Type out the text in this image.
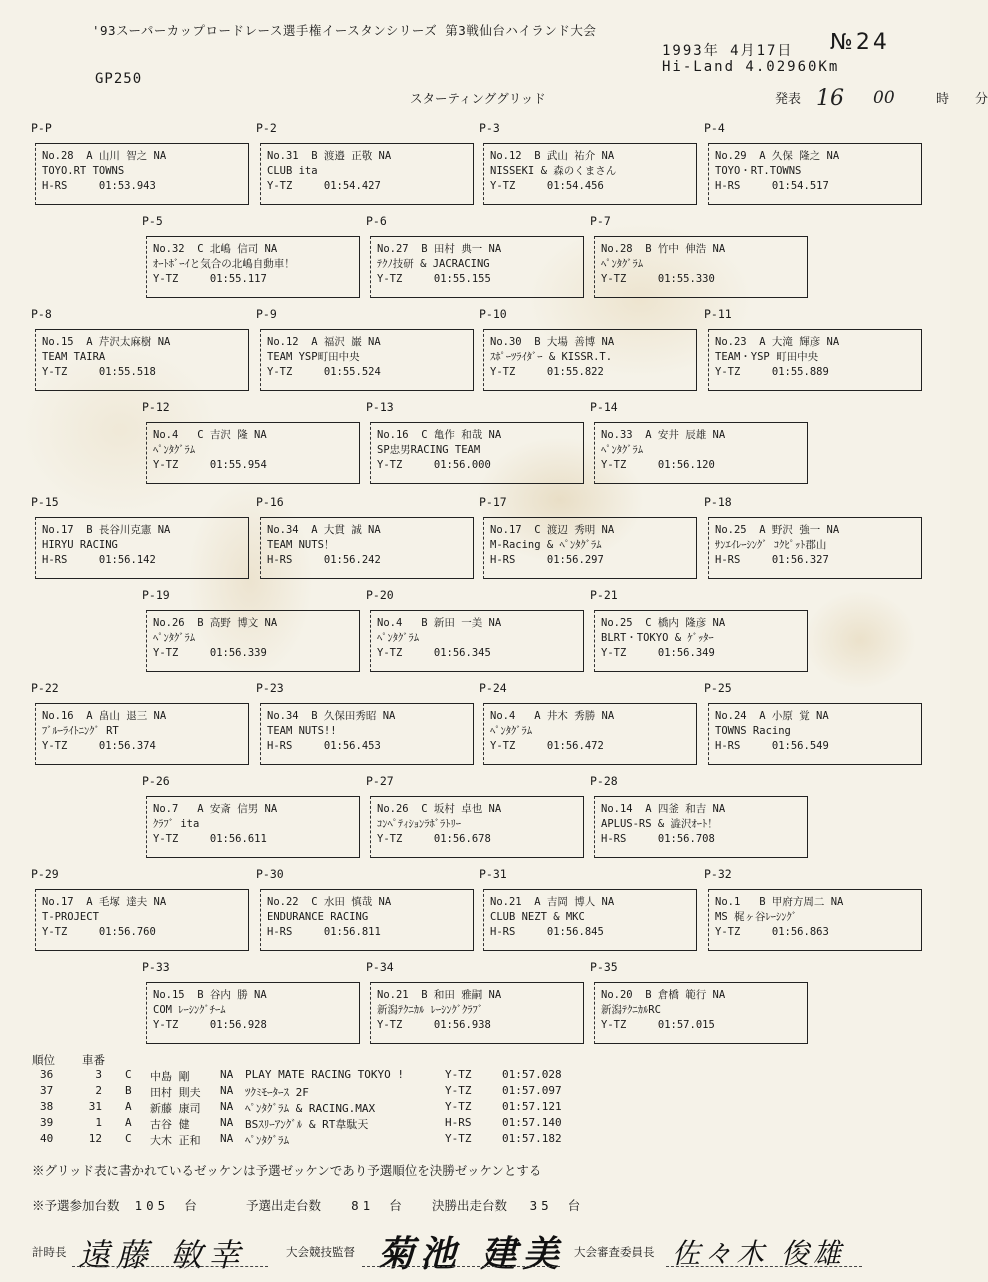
'93スーパーカップロードレース選手権イースタンシリーズ 第3戦仙台ハイランド大会
1993年 4月17日 №24
Hi-Land 4.02960Km
GP250
スターティンググリッド	発表	時 分
16 00
P-P
No.28  A 山川 智之 NA
TOYO.RT TOWNS
H-RS     01:53.943
P-2
No.31  B 渡邉 正敬 NA
CLUB ita
Y-TZ     01:54.427
P-3
No.12  B 武山 祐介 NA
NISSEKI & 森のくまさん
Y-TZ     01:54.456
P-4
No.29  A 久保 隆之 NA
TOYO・RT.TOWNS
H-RS     01:54.517
P-5
No.32  C 北嶋 信司 NA
ｵｰﾄﾎﾞｰｲと気合の北嶋自動車！
Y-TZ     01:55.117
P-6
No.27  B 田村 典一 NA
ﾃｸﾉ技研 & JACRACING
Y-TZ     01:55.155
P-7
No.28  B 竹中 伸浩 NA
ﾍﾟﾝﾀｸﾞﾗﾑ
Y-TZ     01:55.330
P-8
No.15  A 芹沢太麻樹 NA
TEAM TAIRA
Y-TZ     01:55.518
P-9
No.12  A 福沢 巌 NA
TEAM YSP町田中央
Y-TZ     01:55.524
P-10
No.30  B 大場 善博 NA
ｽﾎﾟｰﾂﾗｲﾀﾞｰ & KISSR.T.
Y-TZ     01:55.822
P-11
No.23  A 大滝 輝彦 NA
TEAM・YSP 町田中央
Y-TZ     01:55.889
P-12
No.4   C 吉沢 隆 NA
ﾍﾟﾝﾀｸﾞﾗﾑ
Y-TZ     01:55.954
P-13
No.16  C 亀作 和哉 NA
SP忠男RACING TEAM
Y-TZ     01:56.000
P-14
No.33  A 安井 辰雄 NA
ﾍﾟﾝﾀｸﾞﾗﾑ
Y-TZ     01:56.120
P-15
No.17  B 長谷川克憲 NA
HIRYU RACING
H-RS     01:56.142
P-16
No.34  A 大貫 誠 NA
TEAM NUTS！
H-RS     01:56.242
P-17
No.17  C 渡辺 秀明 NA
M-Racing & ﾍﾟﾝﾀｸﾞﾗﾑ
H-RS     01:56.297
P-18
No.25  A 野沢 強一 NA
ｻﾝｴｲﾚｰｼﾝｸﾞ ｺｸﾋﾟｯﾄ郡山
H-RS     01:56.327
P-19
No.26  B 高野 博文 NA
ﾍﾟﾝﾀｸﾞﾗﾑ
Y-TZ     01:56.339
P-20
No.4   B 新田 一美 NA
ﾍﾟﾝﾀｸﾞﾗﾑ
Y-TZ     01:56.345
P-21
No.25  C 橋内 隆彦 NA
BLRT・TOKYO & ｹﾞｯﾀｰ
Y-TZ     01:56.349
P-22
No.16  A 畠山 退三 NA
ﾌﾞﾙｰﾗｲﾄﾆﾝｸﾞ RT
Y-TZ     01:56.374
P-23
No.34  B 久保田秀昭 NA
TEAM NUTS!!
H-RS     01:56.453
P-24
No.4   A 井木 秀勝 NA
ﾍﾟﾝﾀｸﾞﾗﾑ
Y-TZ     01:56.472
P-25
No.24  A 小原 覚 NA
TOWNS Racing
H-RS     01:56.549
P-26
No.7   A 安斎 信男 NA
ｸﾗﾌﾞ ita
Y-TZ     01:56.611
P-27
No.26  C 坂村 卓也 NA
ｺﾝﾍﾟﾃｨｼｮﾝﾗﾎﾞﾗﾄﾘｰ
Y-TZ     01:56.678
P-28
No.14  A 四釜 和吉 NA
APLUS-RS & 澁沢ｵｰﾄ！
H-RS     01:56.708
P-29
No.17  A 毛塚 達夫 NA
T-PROJECT
Y-TZ     01:56.760
P-30
No.22  C 水田 慎哉 NA
ENDURANCE RACING
H-RS     01:56.811
P-31
No.21  A 吉岡 博人 NA
CLUB NEZT & MKC
H-RS     01:56.845
P-32
No.1   B 甲府方周二 NA
MS 梶ヶ谷ﾚｰｼﾝｸﾞ
Y-TZ     01:56.863
P-33
No.15  B 谷内 勝 NA
COM ﾚｰｼﾝｸﾞﾁｰﾑ
Y-TZ     01:56.928
P-34
No.21  B 和田 雅嗣 NA
新潟ﾃｸﾆｶﾙ ﾚｰｼﾝｸﾞｸﾗﾌﾞ
Y-TZ     01:56.938
P-35
No.20  B 倉橋 範行 NA
新潟ﾃｸﾆｶﾙRC
Y-TZ     01:57.015
順位 車番
36	3 C 中島 剛	NA PLAY MATE RACING TOKYO !	Y-TZ	01:57.028
37	2 B 田村 則夫 NA ﾂｸﾐﾓｰﾀｰｽ 2F	Y-TZ	01:57.097
38	31 A 新藤 康司 NA ﾍﾟﾝﾀｸﾞﾗﾑ & RACING.MAX	Y-TZ	01:57.121
39	1 A 古谷 健	NA BSｽﾘｰｱﾝｸﾞﾙ & RT韋駄天	H-RS	01:57.140
40	12 C 大木 正和 NA ﾍﾟﾝﾀｸﾞﾗﾑ	Y-TZ	01:57.182
※グリッド表に書かれているゼッケンは予選ゼッケンであり予選順位を決勝ゼッケンとする
※予選参加台数 105 台	予選出走台数 81 台 決勝出走台数 35 台
計時長 遠藤 敏幸	大会競技監督 菊池 建美 大会審査委員長 佐々木 俊雄
